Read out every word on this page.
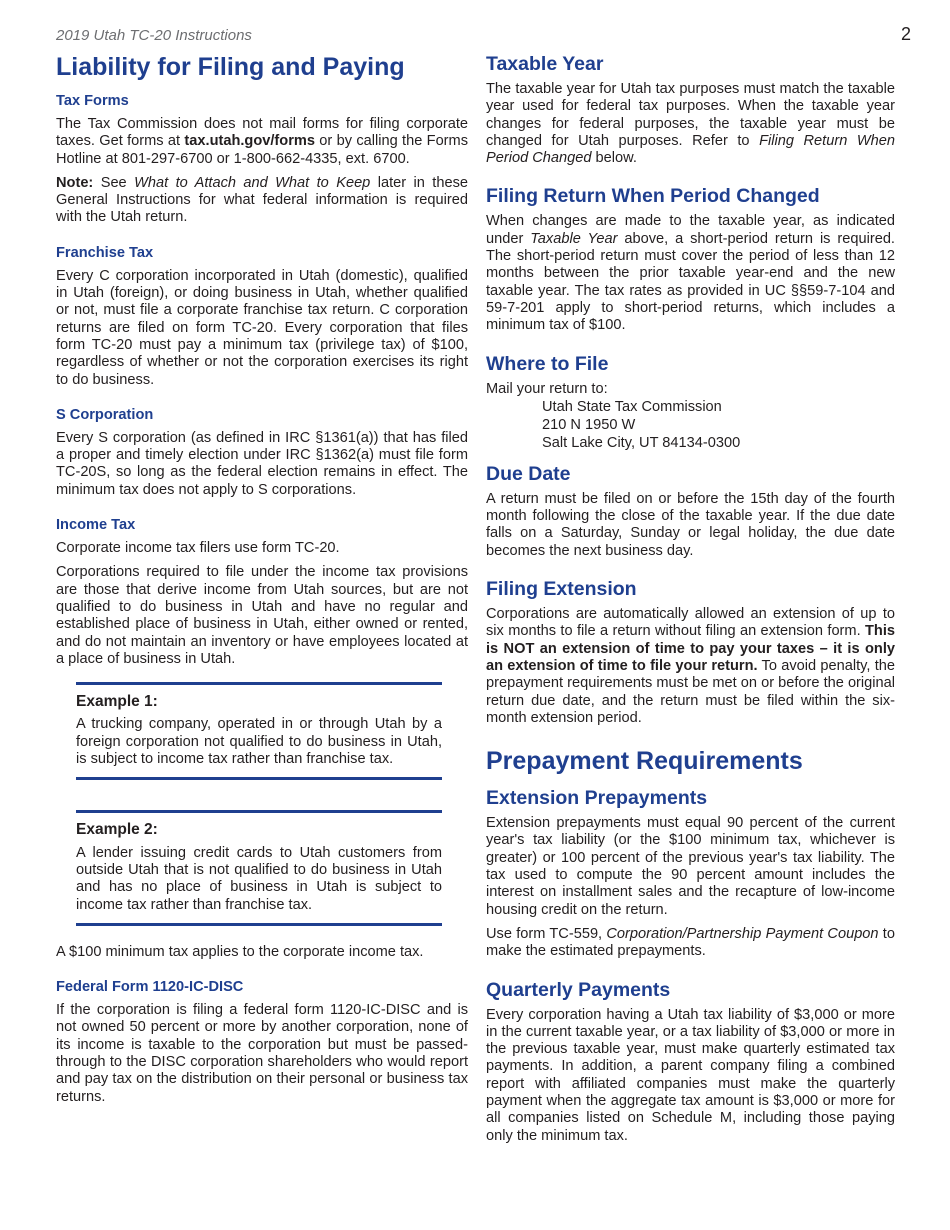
2019 Utah TC-20 Instructions	2
Liability for Filing and Paying
Tax Forms

The Tax Commission does not mail forms for filing corporate taxes. Get forms at tax.utah.gov/forms or by calling the Forms Hotline at 801-297-6700 or 1-800-662-4335, ext. 6700.

Note: See What to Attach and What to Keep later in these General Instructions for what federal information is required with the Utah return.

Franchise Tax

Every C corporation incorporated in Utah (domestic), qualified in Utah (foreign), or doing business in Utah, whether qualified or not, must file a corporate franchise tax return. C corporation returns are filed on form TC-20. Every corporation that files form TC-20 must pay a minimum tax (privilege tax) of $100, regardless of whether or not the corporation exercises its right to do business.

S Corporation

Every S corporation (as defined in IRC §1361(a)) that has filed a proper and timely election under IRC §1362(a) must file form TC-20S, so long as the federal election remains in effect. The minimum tax does not apply to S corporations.

Income Tax

Corporate income tax filers use form TC-20.

Corporations required to file under the income tax provisions are those that derive income from Utah sources, but are not qualified to do business in Utah and have no regular and established place of business in Utah, either owned or rented, and do not maintain an inventory or have employees located at a place of business in Utah.

Example 1:

A trucking company, operated in or through Utah by a foreign corporation not qualified to do business in Utah, is subject to income tax rather than franchise tax.

Example 2:

A lender issuing credit cards to Utah customers from outside Utah that is not qualified to do business in Utah and has no place of business in Utah is subject to income tax rather than franchise tax.

A $100 minimum tax applies to the corporate income tax.

Federal Form 1120-IC-DISC

If the corporation is filing a federal form 1120-IC-DISC and is not owned 50 percent or more by another corporation, none of its income is taxable to the corporation but must be passed-through to the DISC corporation shareholders who would report and pay tax on the distribution on their personal or business tax returns.

Taxable Year

The taxable year for Utah tax purposes must match the taxable year used for federal tax purposes. When the taxable year changes for federal purposes, the taxable year must be changed for Utah purposes. Refer to Filing Return When Period Changed below.

Filing Return When Period Changed

When changes are made to the taxable year, as indicated under Taxable Year above, a short-period return is required. The short-period return must cover the period of less than 12 months between the prior taxable year-end and the new taxable year. The tax rates as provided in UC §§59-7-104 and 59-7-201 apply to short-period returns, which includes a minimum tax of $100.

Where to File

Mail your return to:

Utah State Tax Commission
210 N 1950 W
Salt Lake City, UT 84134-0300
Due Date

A return must be filed on or before the 15th day of the fourth month following the close of the taxable year. If the due date falls on a Saturday, Sunday or legal holiday, the due date becomes the next business day.

Filing Extension

Corporations are automatically allowed an extension of up to six months to file a return without filing an extension form. This is NOT an extension of time to pay your taxes – it is only an extension of time to file your return. To avoid penalty, the prepayment requirements must be met on or before the original return due date, and the return must be filed within the six-month extension period.

Prepayment Requirements
Extension Prepayments

Extension prepayments must equal 90 percent of the current year's tax liability (or the $100 minimum tax, whichever is greater) or 100 percent of the previous year's tax liability. The tax used to compute the 90 percent amount includes the interest on installment sales and the recapture of low-income housing credit on the return.

Use form TC-559, Corporation/Partnership Payment Coupon to make the estimated prepayments.

Quarterly Payments

Every corporation having a Utah tax liability of $3,000 or more in the current taxable year, or a tax liability of $3,000 or more in the previous taxable year, must make quarterly estimated tax payments. In addition, a parent company filing a combined report with affiliated companies must make the quarterly payment when the aggregate tax amount is $3,000 or more for all companies listed on Schedule M, including those paying only the minimum tax.
